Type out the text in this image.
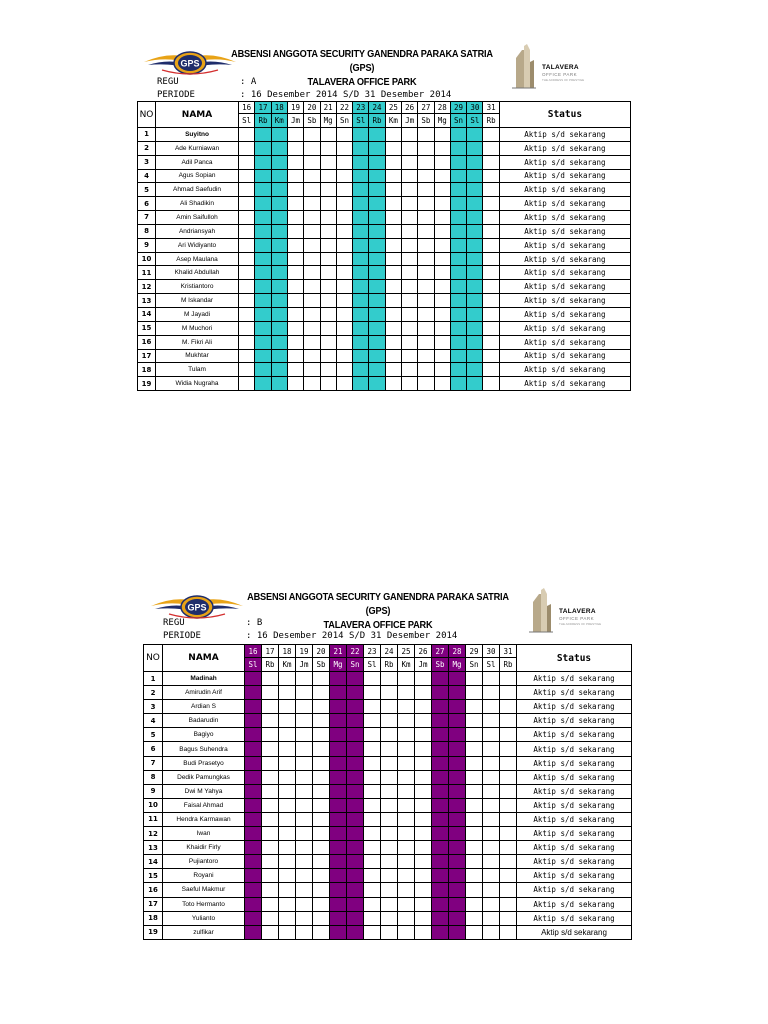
GPS
ABSENSI ANGGOTA SECURITY GANENDRA PARAKA SATRIA (GPS)
TALAVERA OFFICE PARK
TALAVERA
OFFICE PARK
THE ADDRESS OF PRESTIGE
REGU	: A
PERIODE	: 16 Desember 2014 S/D 31 Desember 2014
NO	NAMA	16	17	18	19	20	21	22	23	24	25	26	27	28	29	30	31	Status
		Sl	Rb	Km	Jm	Sb	Mg	Sn	Sl	Rb	Km	Jm	Sb	Mg	Sn	Sl	Rb	
1	Suyitno																	Aktip s/d sekarang
2	Ade Kurniawan																	Aktip s/d sekarang
3	Adil Panca																	Aktip s/d sekarang
4	Agus Sopian																	Aktip s/d sekarang
5	Ahmad Saefudin																	Aktip s/d sekarang
6	Ali Shadikin																	Aktip s/d sekarang
7	Amin Saifulloh																	Aktip s/d sekarang
8	Andriansyah																	Aktip s/d sekarang
9	Ari Widiyanto																	Aktip s/d sekarang
10	Asep Maulana																	Aktip s/d sekarang
11	Khalid Abdullah																	Aktip s/d sekarang
12	Kristiantoro																	Aktip s/d sekarang
13	M Iskandar																	Aktip s/d sekarang
14	M Jayadi																	Aktip s/d sekarang
15	M Muchori																	Aktip s/d sekarang
16	M. Fikri Ali																	Aktip s/d sekarang
17	Mukhtar																	Aktip s/d sekarang
18	Tulam																	Aktip s/d sekarang
19	Widia Nugraha																	Aktip s/d sekarang
GPS
ABSENSI ANGGOTA SECURITY GANENDRA PARAKA SATRIA (GPS)
TALAVERA OFFICE PARK
TALAVERA
OFFICE PARK
THE ADDRESS OF PRESTIGE
REGU	: B
PERIODE	: 16 Desember 2014 S/D 31 Desember 2014
NO	NAMA	16	17	18	19	20	21	22	23	24	25	26	27	28	29	30	31	Status
		Sl	Rb	Km	Jm	Sb	Mg	Sn	Sl	Rb	Km	Jm	Sb	Mg	Sn	Sl	Rb	
1	Madinah																	Aktip s/d sekarang
2	Amirudin Arif																	Aktip s/d sekarang
3	Ardian S																	Aktip s/d sekarang
4	Badarudin																	Aktip s/d sekarang
5	Bagiyo																	Aktip s/d sekarang
6	Bagus Suhendra																	Aktip s/d sekarang
7	Budi Prasetyo																	Aktip s/d sekarang
8	Dedik Pamungkas																	Aktip s/d sekarang
9	Dwi M Yahya																	Aktip s/d sekarang
10	Faisal Ahmad																	Aktip s/d sekarang
11	Hendra Karmawan																	Aktip s/d sekarang
12	Iwan																	Aktip s/d sekarang
13	Khaidir Firly																	Aktip s/d sekarang
14	Pujiantoro																	Aktip s/d sekarang
15	Royani																	Aktip s/d sekarang
16	Saeful Makmur																	Aktip s/d sekarang
17	Toto Hermanto																	Aktip s/d sekarang
18	Yulianto																	Aktip s/d sekarang
19	zulfikar																	Aktip s/d sekarang
